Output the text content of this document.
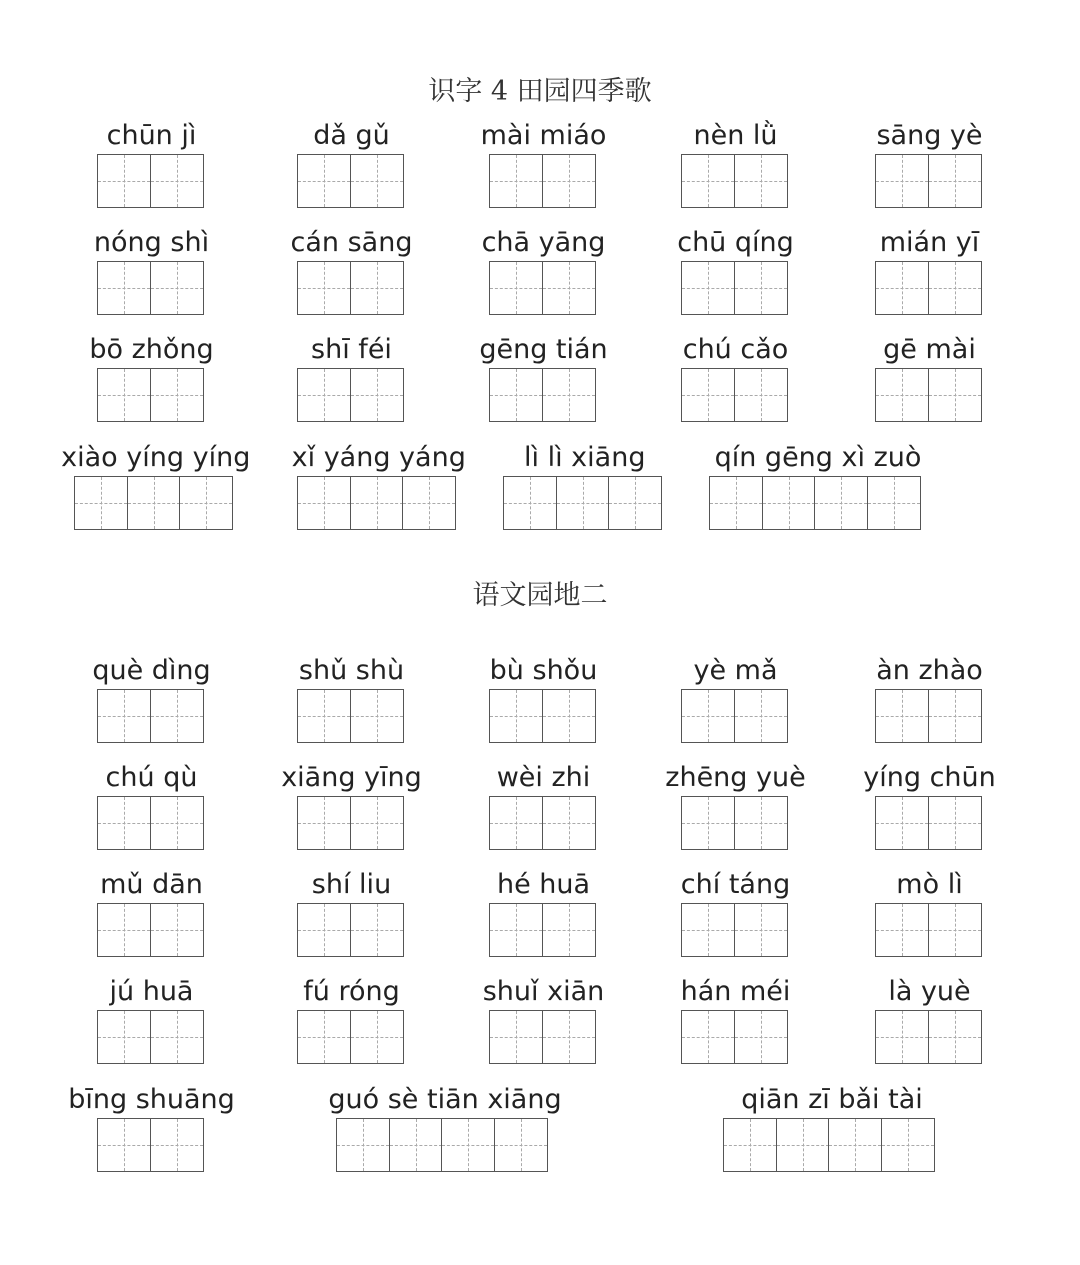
识字 4 田园四季歌
chūn jì	dǎ gǔ	mài miáo	nèn lǜ	sāng yè
nóng shì	cán sāng	chā yāng	chū qíng	mián yī
bō zhǒng	shī féi	gēng tián	chú cǎo	gē mài
xiào yíng yíng	xǐ yáng yáng	lì lì xiāng	qín gēng xì zuò
语文园地二
què dìng	shǔ shù	bù shǒu	yè mǎ	àn zhào
chú qù	xiāng yīng	wèi zhi	zhēng yuè	yíng chūn
mǔ dān	shí liu	hé huā	chí táng	mò lì
jú huā	fú róng	shuǐ xiān	hán méi	là yuè
bīng shuāng	guó sè tiān xiāng	qiān zī bǎi tài
